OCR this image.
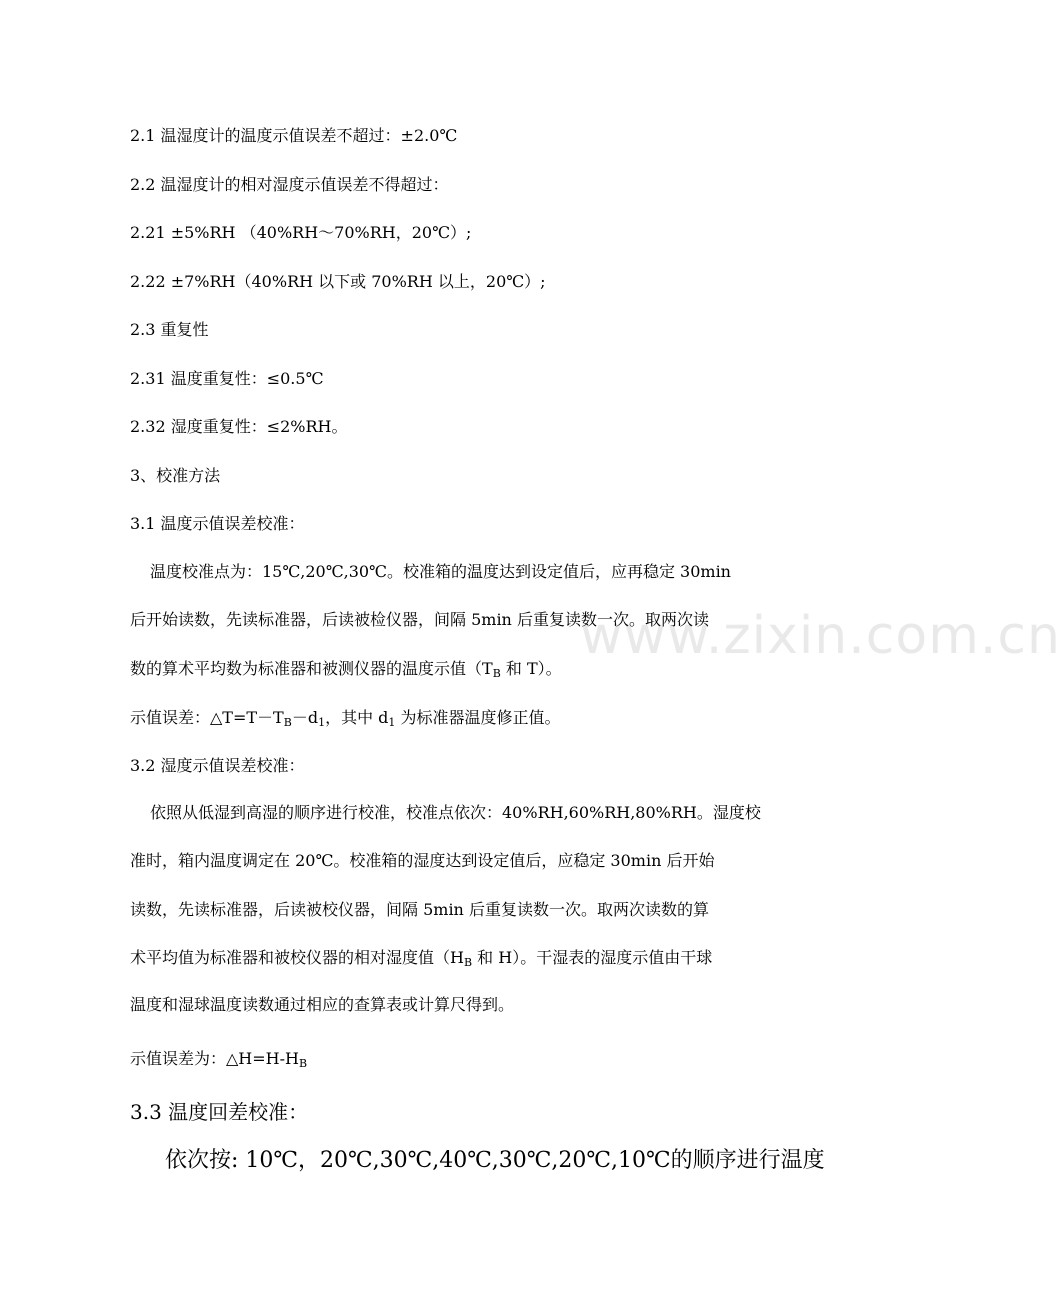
2.1 温湿度计的温度示值误差不超过：±2.0℃
2.2 温湿度计的相对湿度示值误差不得超过：
2.21 ±5%RH （40%RH～70%RH，20℃）;
2.22 ±7%RH（40%RH 以下或 70%RH 以上，20℃）;
2.3 重复性
2.31 温度重复性：≤0.5℃
2.32 湿度重复性：≤2%RH。
3、校准方法
3.1 温度示值误差校准：
温度校准点为：15℃,20℃,30℃。校准箱的温度达到设定值后，应再稳定 30min
后开始读数，先读标准器，后读被检仪器，间隔 5min 后重复读数一次。取两次读
数的算术平均数为标准器和被测仪器的温度示值（$T_B$ 和 T）。
示值误差：$\triangle T=T-T_B-d_1$，其中 $d_1$ 为标准器温度修正值。
3.2 湿度示值误差校准：
依照从低湿到高湿的顺序进行校准，校准点依次：40%RH,60%RH,80%RH。湿度校
准时，箱内温度调定在 20℃。校准箱的湿度达到设定值后，应稳定 30min 后开始
读数，先读标准器，后读被校仪器，间隔 5min 后重复读数一次。取两次读数的算
术平均值为标准器和被校仪器的相对湿度值（$H_B$ 和 H）。干湿表的湿度示值由干球
温度和湿球温度读数通过相应的查算表或计算尺得到。
示值误差为：$\triangle H=H-H_B$
3.3 温度回差校准：
依次按: 10℃，20℃,30℃,40℃,30℃,20℃,10℃的顺序进行温度
www.zixin.com.cn
